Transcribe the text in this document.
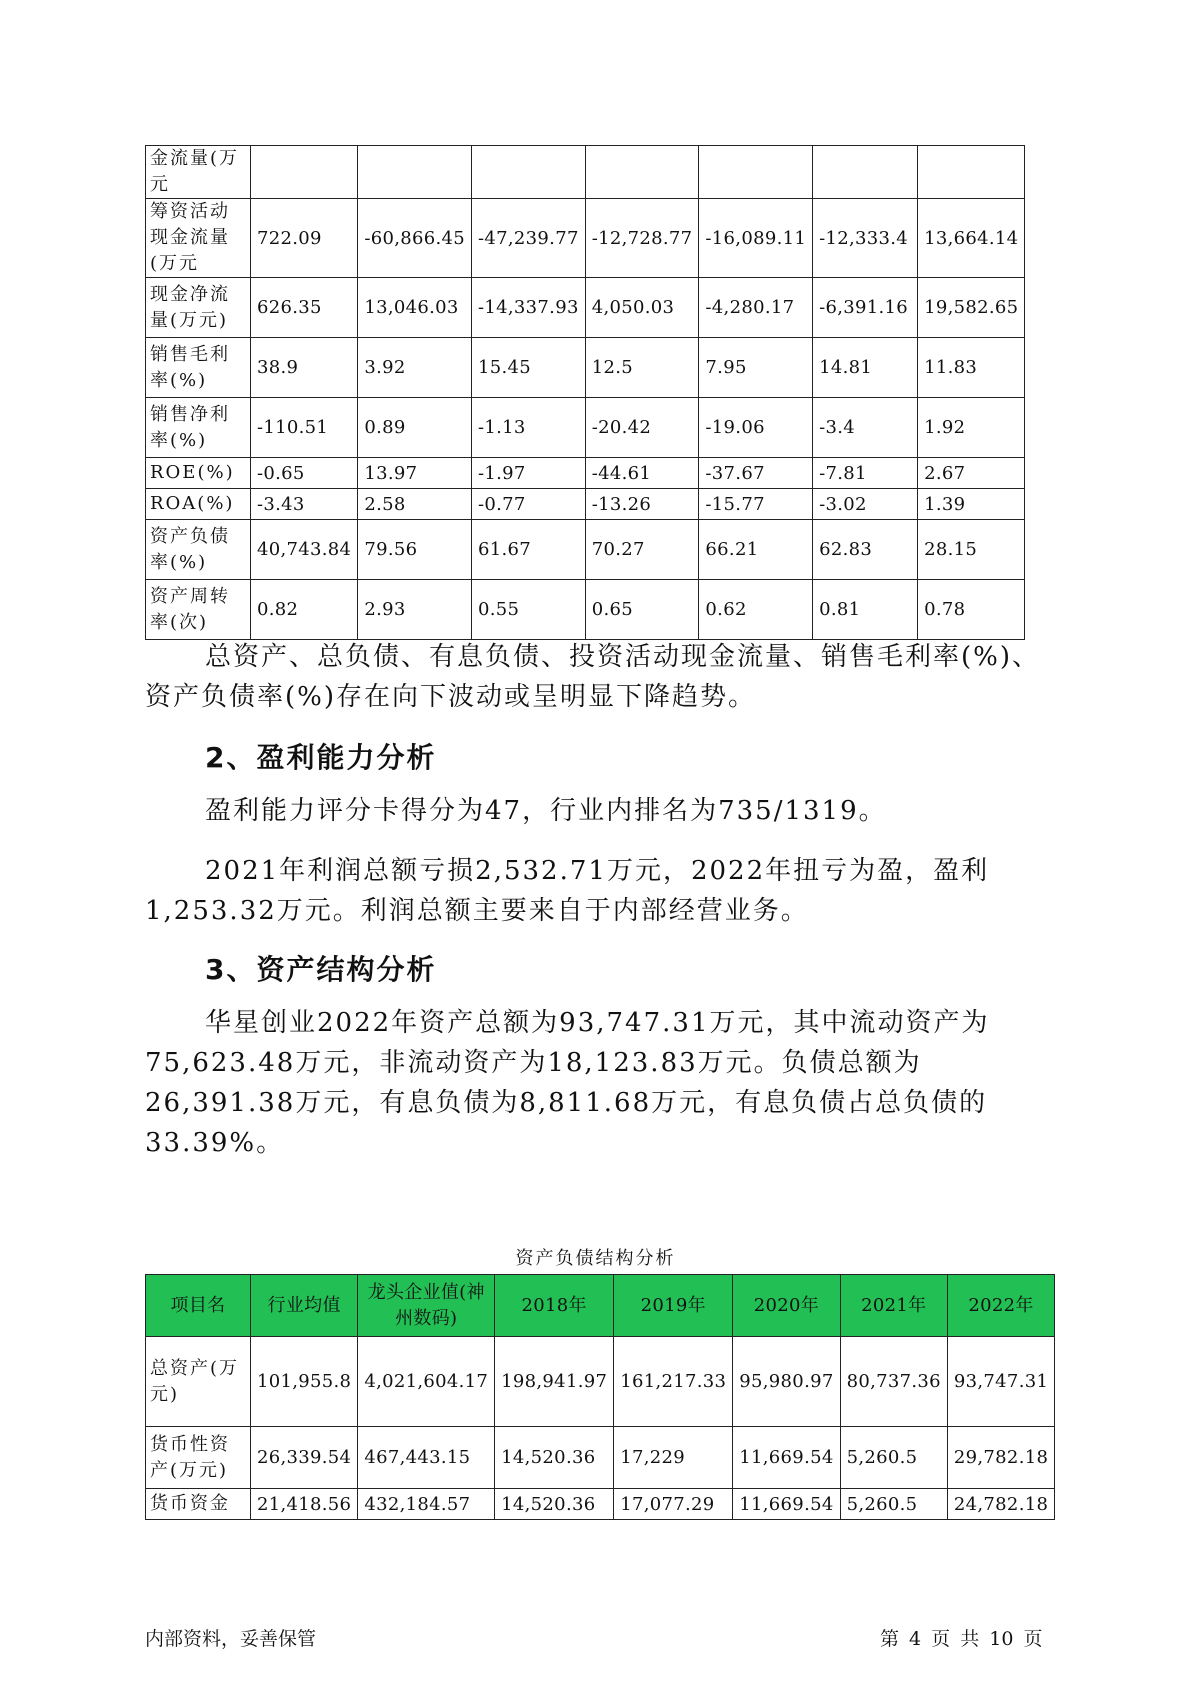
金流量(万元							
筹资活动现金流量(万元	722.09	-60,866.45	-47,239.77	-12,728.77	-16,089.11	-12,333.4	13,664.14
现金净流量(万元)	626.35	13,046.03	-14,337.93	4,050.03	-4,280.17	-6,391.16	19,582.65
销售毛利率(%)	38.9	3.92	15.45	12.5	7.95	14.81	11.83
销售净利率(%)	-110.51	0.89	-1.13	-20.42	-19.06	-3.4	1.92
ROE(%)	-0.65	13.97	-1.97	-44.61	-37.67	-7.81	2.67
ROA(%)	-3.43	2.58	-0.77	-13.26	-15.77	-3.02	1.39
资产负债率(%)	40,743.84	79.56	61.67	70.27	66.21	62.83	28.15
资产周转率(次)	0.82	2.93	0.55	0.65	0.62	0.81	0.78
总资产、总负债、有息负债、投资活动现金流量、销售毛利率(%)、资产负债率(%)存在向下波动或呈明显下降趋势。
2、盈利能力分析
盈利能力评分卡得分为47，行业内排名为735/1319。
2021年利润总额亏损2,532.71万元，2022年扭亏为盈，盈利1,253.32万元。利润总额主要来自于内部经营业务。
3、资产结构分析
华星创业2022年资产总额为93,747.31万元，其中流动资产为75,623.48万元，非流动资产为18,123.83万元。负债总额为26,391.38万元，有息负债为8,811.68万元，有息负债占总负债的33.39%。
资产负债结构分析
项目名	行业均值	龙头企业值(神州数码)	2018年	2019年	2020年	2021年	2022年
总资产(万元)	101,955.8	4,021,604.17	198,941.97	161,217.33	95,980.97	80,737.36	93,747.31
货币性资产(万元)	26,339.54	467,443.15	14,520.36	17,229	11,669.54	5,260.5	29,782.18
货币资金	21,418.56	432,184.57	14,520.36	17,077.29	11,669.54	5,260.5	24,782.18
内部资料，妥善保管	第 4 页 共 10 页
